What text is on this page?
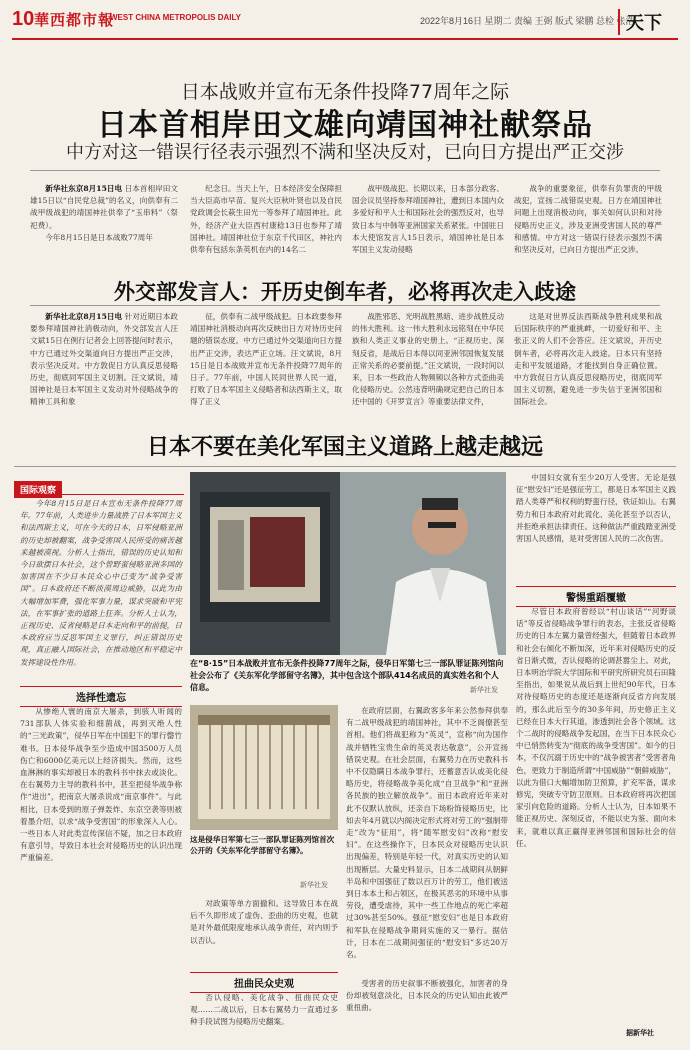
10 華西都市報
WEST CHINA METROPOLIS DAILY	2022年8月16日 星期二 责编 王弼 版式 梁鹏 总检 张浩
天下
日本战败并宣布无条件投降77周年之际
日本首相岸田文雄向靖国神社献祭品
中方对这一错误行径表示强烈不满和坚决反对，已向日方提出严正交涉

新华社东京8月15日电 日本首相岸田文雄15日以“自民党总裁”的名义，向供奉有二战甲级战犯的靖国神社供奉了“玉串料”（祭祀费）。

今年8月15日是日本战败77周年

纪念日。当天上午，日本经济安全保障担当大臣高市早苗、复兴大臣秋叶贤也以及自民党政调会长萩生田光一等参拜了靖国神社。此外，经济产业大臣西村康稔13日也参拜了靖国神社。靖国神社位于东京千代田区，神社内供奉有包括东条英机在内的14名二

战甲级战犯。长期以来，日本部分政客、国会议员坚持参拜靖国神社，遭到日本国内众多爱好和平人士和国际社会的强烈反对，也导致日本与中韩等亚洲国家关系紧张。中国驻日本大使馆发言人15日表示，靖国神社是日本军国主义发动侵略

战争的重要象征，供奉有负罪责的甲级战犯，宣扬二战错误史观。日方在靖国神社问题上出现消极动向，事关如何认识和对待侵略历史正义，涉及亚洲受害国人民的尊严和感情。中方对这一错误行径表示强烈不满和坚决反对，已向日方提出严正交涉。

外交部发言人：开历史倒车者，必将再次走入歧途

新华社北京8月15日电 针对近期日本政要参拜靖国神社消极动向，外交部发言人汪文斌15日在例行记者会上回答提问时表示，中方已通过外交渠道向日方提出严正交涉，表示坚决反对。中方敦促日方认真反思侵略历史，彻底同军国主义切割。汪文斌说，靖国神社是日本军国主义发动对外侵略战争的精神工具和象

征，供奉有二战甲级战犯。日本政要参拜靖国神社消极动向再次反映出日方对待历史问题的错误态度。中方已通过外交渠道向日方提出严正交涉，表达严正立场。汪文斌说，8月15日是日本战败并宣布无条件投降77周年的日子。77年前，中国人民同世界人民一道，打败了日本军国主义侵略者和法西斯主义，取得了正义

战胜邪恶、光明战胜黑暗、进步战胜反动的伟大胜利。这一伟大胜利永远铭刻在中华民族和人类正义事业的史册上。“正视历史、深刻反省，是战后日本得以同亚洲邻国恢复发展正常关系的必要前提。”汪文斌说，一段时间以来，日本一些政治人物频频以各种方式歪曲美化侵略历史。公然违背明确规定把自己的日本还中国的《开罗宣言》等重要法律文件，

这是对世界反法西斯战争胜利成果和战后国际秩序的严重挑衅，一切爱好和平、主张正义的人们不会答应。汪文斌说，开历史倒车者，必将再次走入歧途。日本只有坚持走和平发展道路，才能找到自身正确位置。中方敦促日方认真反思侵略历史，彻底同军国主义切割，避免进一步失信于亚洲邻国和国际社会。

日本不要在美化军国主义道路上越走越远
国际观察

今年8月15日是日本宣布无条件投降77周年。77年前，人类进步力量战胜了日本军国主义和法西斯主义，可在今天的日本，日军侵略亚洲的历史却被翻案，战争受害国人民所受的痛苦越来越被漠视。分析人士指出，错误的历史认知和今日欲摆日本社会，这个曾野蛮侵略亚洲多国的加害国在不少日本民众心中已变为“战争受害国”。日本政府还不断淡漠周边威胁，以此为由大幅增加军费，强化军事力量，谋求突破和平宪法，在军事扩张的道路上狂奔。分析人士认为，正视历史、反省侵略是日本走向和平的前提，日本政府应当反思军国主义罪行，纠正错误历史观，真正融入国际社会，在推动地区和平稳定中发挥建设性作用。

选择性遗忘

从惨绝人寰的南京大屠杀，到骇人听闻的731部队人体实验和细菌战，再到灭绝人性的“三光政策”，侵华日军在中国犯下的罪行罄竹难书。日本侵华战争至少造成中国3500万人员伤亡和6000亿美元以上经济损失。然而，这些血淋淋的事实却被日本的教科书中抹去或淡化。在右翼势力主导的教科书中，甚至把侵华战争称作“进出”，把南京大屠杀说成“南京事件”。与此相比，日本受到的原子弹轰炸、东京空袭等则被着墨介绍，以求“战争受害国”的形象深入人心。一些日本人对此类宣传深信不疑，加之日本政府有意引导，导致日本社会对侵略历史的认识出现严重偏差。

在“8·15”日本战败并宣布无条件投降77周年之际，侵华日军第七三一部队罪证陈列馆向社会公布了《关东军化学部留守名簿》，其中包含这个部队414名成员的真实姓名和个人信息。	新华社发
这是侵华日军第七三一部队罪证陈列馆首次公开的《关东军化学部留守名簿》。
新华社发

在政府层面，右翼政客多年来公然参拜供奉有二战甲级战犯的靖国神社，其中不乏阁僚甚至首相。他们将战犯称为“英灵”，宣称“向为国作战并牺牲宝贵生命的英灵表达敬意”，公开宣扬错误史观。在社会层面，右翼势力在历史教科书中不仅隐瞒日本战争罪行，还蓄意否认或美化侵略历史，将侵略战争美化成“自卫战争”和“亚洲各民族的独立解放战争”。而日本政府近年来对此不仅默认放纵，还亲自下场粉饰侵略历史，比如去年4月就以内阁决定形式将对劳工的“强制带走”改为“征用”，将“随军慰安妇”改称“慰安妇”。在这些操作下，日本民众对侵略历史认识出现偏差，特别是年轻一代，对真实历史的认知出现断层。大量史料显示，日本二战期间从朝鲜半岛和中国强征了数以百万计的劳工，他们被送到日本本土和占领区，在极其恶劣的环境中从事劳役，遭受虐待，其中一些工作地点的死亡率超过30%甚至50%。强征“慰安妇”也是日本政府和军队在侵略战争期间实施的又一暴行。据估计，日本在二战期间强征的“慰安妇”多达20万名。

对政策等单方面撤和。这导致日本在战后不久即形成了虚伪、歪曲的历史观，也就是对外最低限度地承认战争责任，对内则予以否认。

扭曲民众史观

否认侵略、美化战争、扭曲民众史观……二战以后，日本右翼势力一直通过多种手段试图为侵略历史翻案。

受害者的历史叙事不断被强化，加害者的身份却被刻意淡化，日本民众的历史认知由此被严重扭曲。

中国妇女就有至少20万人受害。无论是强征“慰安妇”还是强征劳工，都是日本军国主义践踏人类尊严和权利的野蛮行径，铁证如山。右翼势力和日本政府对此谎化、美化甚至予以否认，并拒绝承担法律责任。这种做法严重践踏亚洲受害国人民感情，是对受害国人民的二次伤害。

警惕重蹈覆辙

尽管日本政府曾经以“村山谈话”“河野谈话”等反省侵略战争罪行的表态，主张反省侵略历史的日本左翼力量曾经强大，但随着日本政界和社会右倾化不断加深，近年来对侵略历史的反省日渐式微，否认侵略的论调甚嚣尘上。对此，日本明治学院大学国际和平研究所研究员石田隆至指出，如果说从战后到上世纪90年代，日本对待侵略历史的态度还是逐渐向反省方向发展的，那么此后至今的30多年间，历史修正主义已经在日本大行其道，渗透到社会各个领域。这个二战时的侵略战争发起国，在当下日本民众心中已悄然转变为“彻底的战争受害国”。如今的日本，不仅沉溺于历史中的“战争被害者”受害者角色，更致力于制造所谓“中国威胁”“朝鲜威胁”，以此为借口大幅增加防卫预算，扩充军备，谋求修宪，突破专守防卫原则。日本政府将再次把国家引向危险的道路。分析人士认为，日本如果不能正视历史、深刻反省，不能以史为鉴、面向未来，就难以真正赢得亚洲邻国和国际社会的信任。

据新华社
